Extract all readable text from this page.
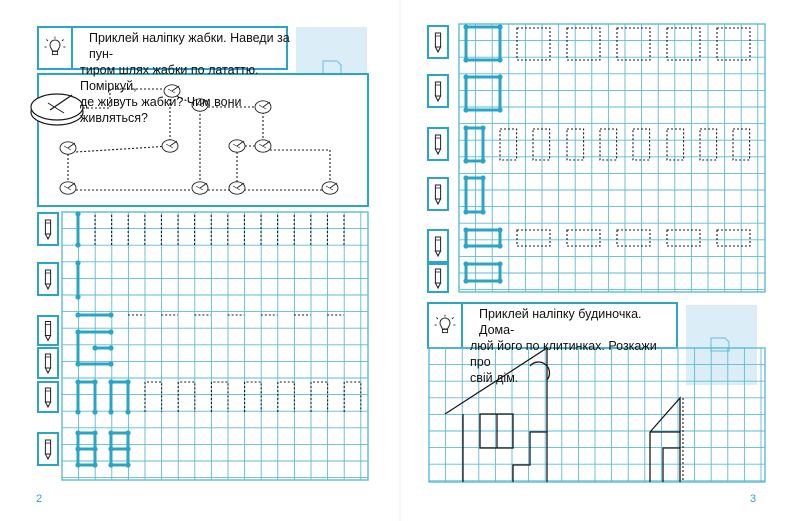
Приклей наліпку жабки. Наведи за пун-
тиром шлях жабки по лататтю. Поміркуй,
де живуть жабки? Чим вони живляться?
Приклей наліпку будиночка. Дома-
люй його по клитинках. Розкажи про
свій дім.
2	3
